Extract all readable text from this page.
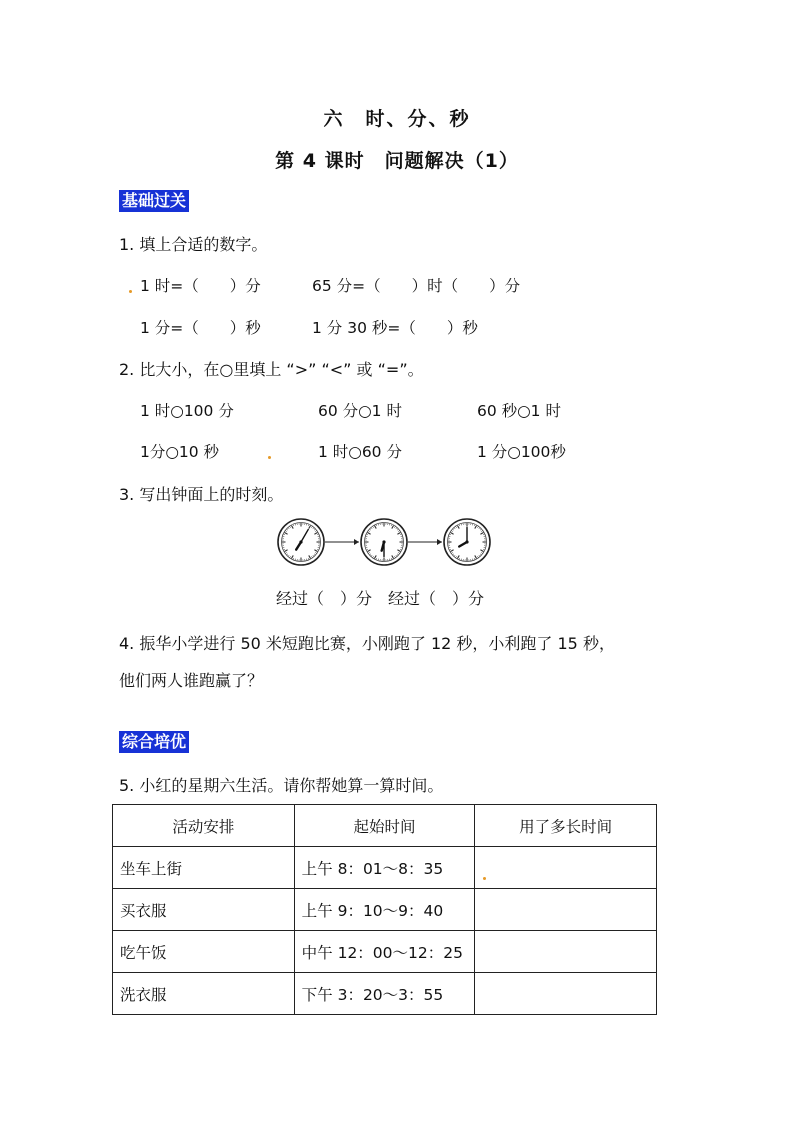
六　时、分、秒
第 4 课时　问题解决（1）
基础过关
1. 填上合适的数字。
1 时=（　　）分	65 分=（　　）时（　　）分
1 分=（　　）秒	1 分 30 秒=（　　）秒
2. 比大小，在○里填上 “>” “<” 或 “=”。
1 时○100 分	60 分○1 时	60 秒○1 时
1分○10 秒	1 时○60 分	1 分○100秒
3. 写出钟面上的时刻。
经过（　）分　经过（　）分
4. 振华小学进行 50 米短跑比赛，小刚跑了 12 秒，小利跑了 15 秒，
他们两人谁跑赢了？
综合培优
5. 小红的星期六生活。请你帮她算一算时间。
活动安排	起始时间	用了多长时间
坐车上街	上午 8：01～8：35	
买衣服	上午 9：10～9：40	
吃午饭	中午 12：00～12：25	
洗衣服	下午 3：20～3：55	
